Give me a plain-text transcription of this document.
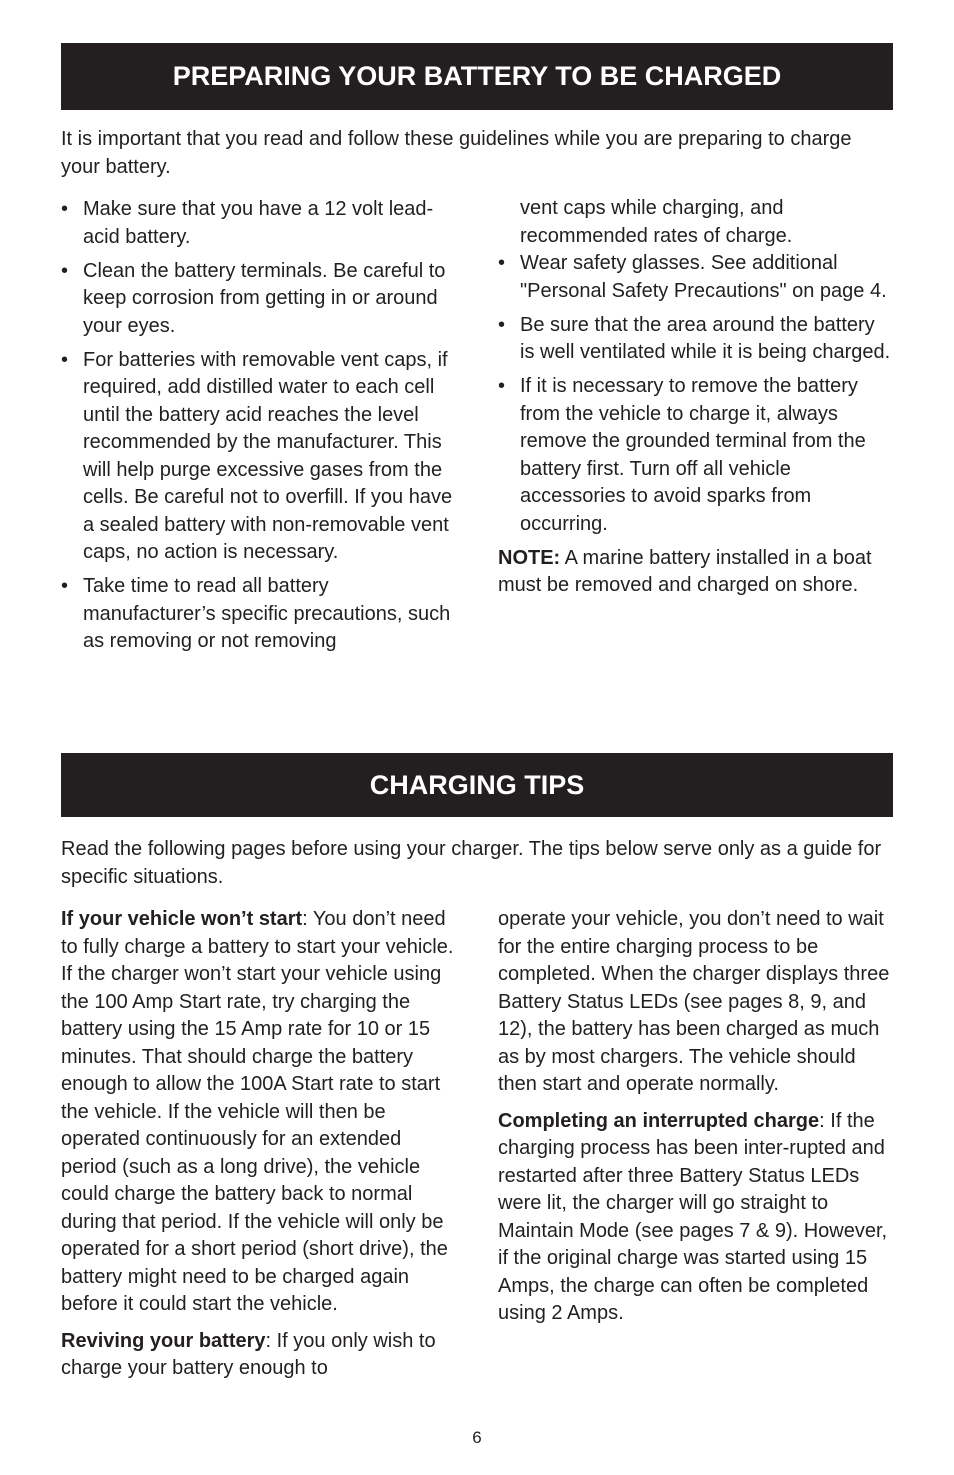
PREPARING YOUR BATTERY TO BE CHARGED

It is important that you read and follow these guidelines while you are preparing to charge your battery.

• Make sure that you have a 12 volt lead-acid battery.
• Clean the battery terminals. Be careful to keep corrosion from getting in or around your eyes.
• For batteries with removable vent caps, if required, add distilled water to each cell until the battery acid reaches the level recommended by the manufacturer. This will help purge excessive gases from the cells. Be careful not to overfill. If you have a sealed battery with non-removable vent caps, no action is necessary.
• Take time to read all battery manufacturer’s specific precautions, such as removing or not removing

vent caps while charging, and recommended rates of charge.

• Wear safety glasses. See additional "Personal Safety Precautions" on page 4.
• Be sure that the area around the battery is well ventilated while it is being charged.
• If it is necessary to remove the battery from the vehicle to charge it, always remove the grounded terminal from the battery first. Turn off all vehicle accessories to avoid sparks from occurring.

NOTE: A marine battery installed in a boat must be removed and charged on shore.

CHARGING TIPS

Read the following pages before using your charger. The tips below serve only as a guide for specific situations.

If your vehicle won’t start: You don’t need to fully charge a battery to start your vehicle. If the charger won’t start your vehicle using the 100 Amp Start rate, try charging the battery using the 15 Amp rate for 10 or 15 minutes. That should charge the battery enough to allow the 100A Start rate to start the vehicle. If the vehicle will then be operated continuously for an extended period (such as a long drive), the vehicle could charge the battery back to normal during that period. If the vehicle will only be operated for a short period (short drive), the battery might need to be charged again before it could start the vehicle.

Reviving your battery: If you only wish to charge your battery enough to

operate your vehicle, you don’t need to wait for the entire charging process to be completed. When the charger displays three Battery Status LEDs (see pages 8, 9, and 12), the battery has been charged as much as by most chargers. The vehicle should then start and operate normally.

Completing an interrupted charge: If the charging process has been inter-rupted and restarted after three Battery Status LEDs were lit, the charger will go straight to Maintain Mode (see pages 7 & 9). However, if the original charge was started using 15 Amps, the charge can often be completed using 2 Amps.

6
